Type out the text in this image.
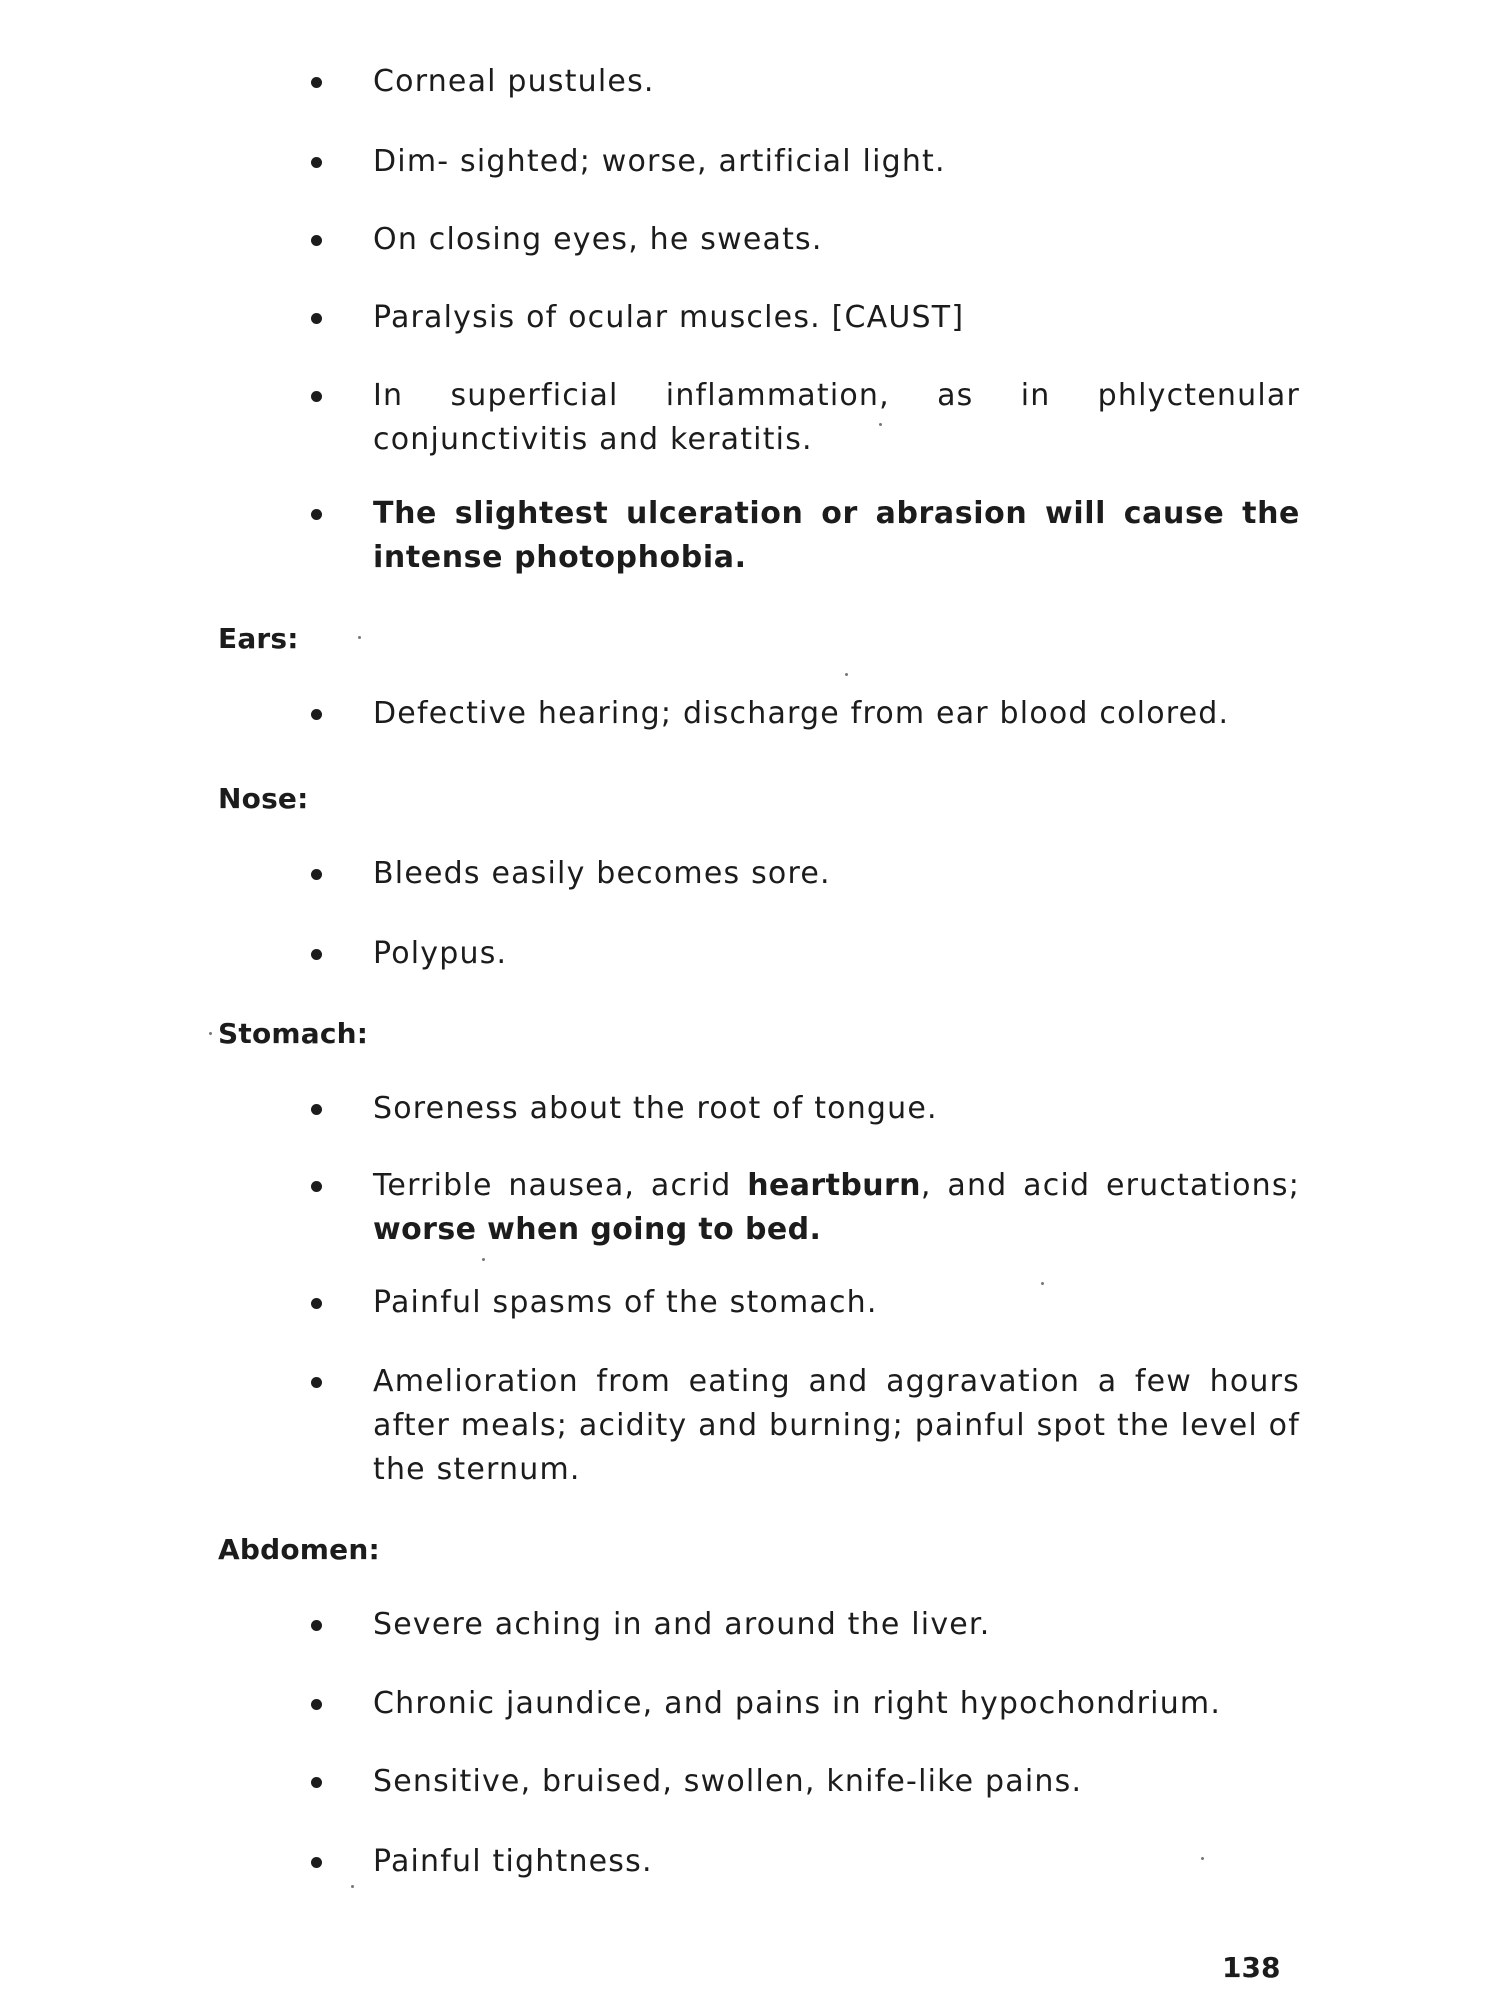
Corneal pustules.
Dim- sighted; worse, artificial light.
On closing eyes, he sweats.
Paralysis of ocular muscles. [CAUST]
In superficial inflammation, as in phlyctenular conjunctivitis and keratitis.
The slightest ulceration or abrasion will cause the intense photophobia.
Ears:
Defective hearing; discharge from ear blood colored.
Nose:
Bleeds easily becomes sore.
Polypus.
Stomach:
Soreness about the root of tongue.
Terrible nausea, acrid heartburn, and acid eructations; worse when going to bed.
Painful spasms of the stomach.
Amelioration from eating and aggravation a few hours after meals; acidity and burning; painful spot the level of the sternum.
Abdomen:
Severe aching in and around the liver.
Chronic jaundice, and pains in right hypochondrium.
Sensitive, bruised, swollen, knife-like pains.
Painful tightness.
138
